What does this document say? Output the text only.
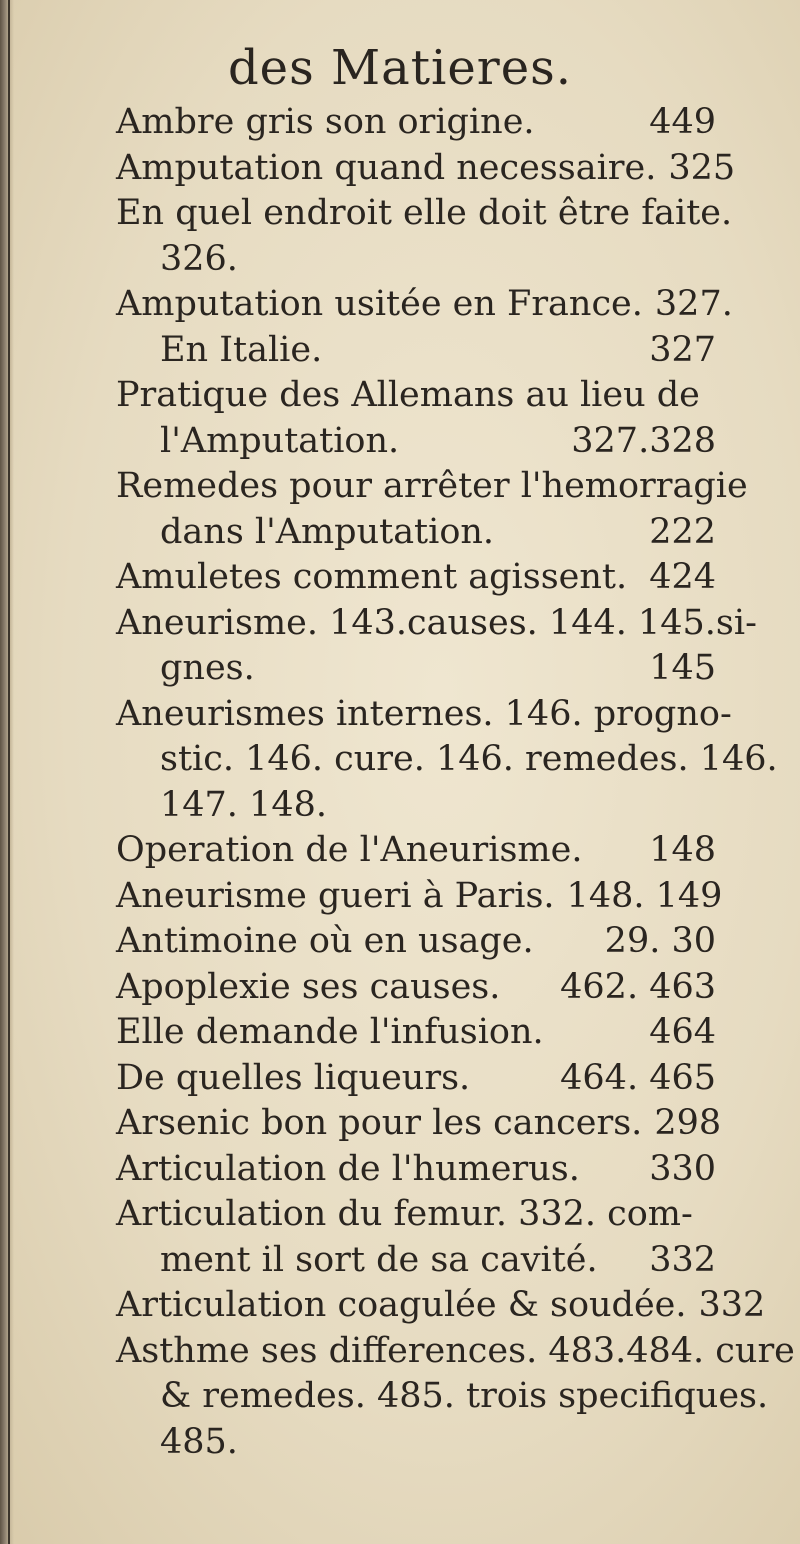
des Matieres.
Ambre gris son origine.	449
Amputation quand necessaire. 325
En quel endroit elle doit être faite.
326.
Amputation usitée en France. 327.
En Italie.	327
Pratique des Allemans au lieu de
l'Amputation.	327.328
Remedes pour arrêter l'hemorragie
dans l'Amputation.	222
Amuletes comment agissent. 424
Aneurisme. 143.causes. 144. 145.si-
gnes.	145
Aneurismes internes. 146. progno-
stic. 146. cure. 146. remedes. 146.
147. 148.
Operation de l'Aneurisme.	148
Aneurisme gueri à Paris. 148. 149
Antimoine où en usage.	29. 30
Apoplexie ses causes.	462. 463
Elle demande l'infusion.	464
De quelles liqueurs.	464. 465
Arsenic bon pour les cancers. 298
Articulation de l'humerus.	330
Articulation du femur. 332. com-
ment il sort de sa cavité.	332
Articulation coagulée & soudée. 332
Asthme ses differences. 483.484. cure
& remedes. 485. trois specifiques.
485.
